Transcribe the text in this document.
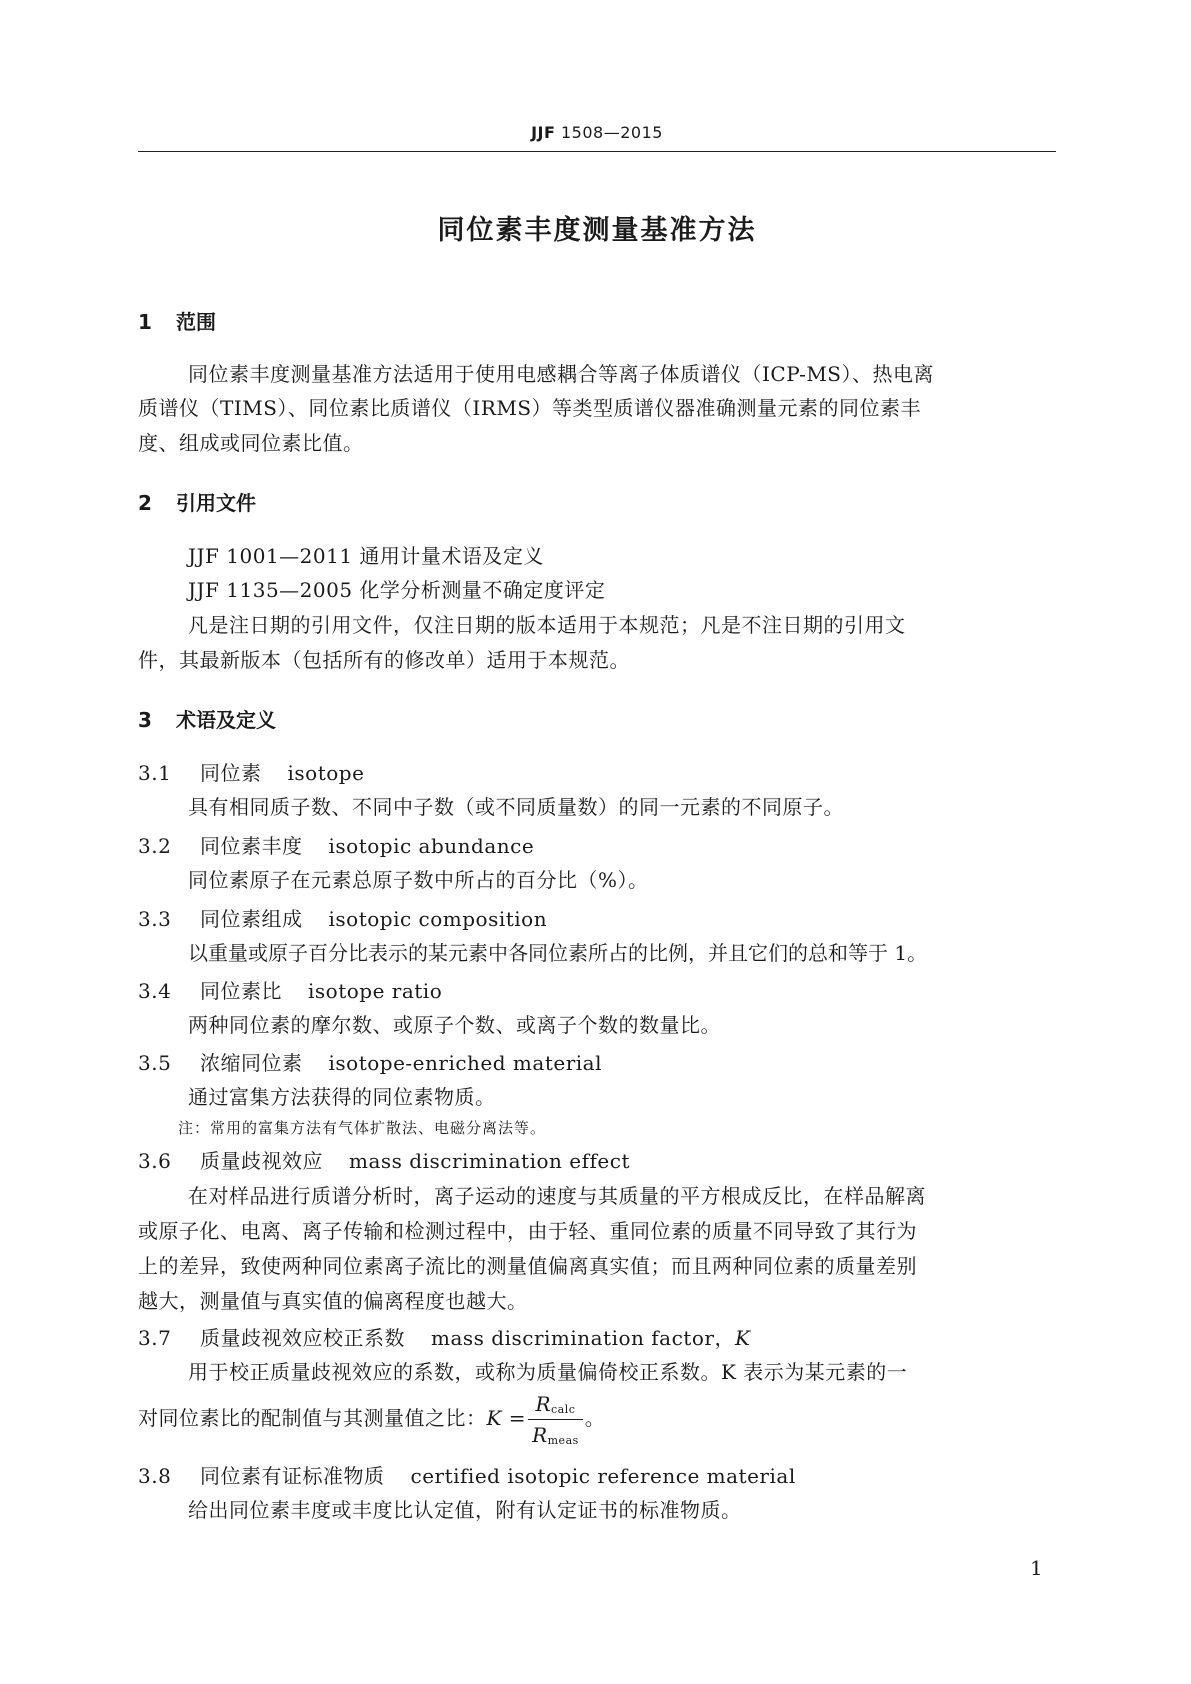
JJF 1508—2015
同位素丰度测量基准方法
1 范围
同位素丰度测量基准方法适用于使用电感耦合等离子体质谱仪（ICP-MS）、热电离
质谱仪（TIMS）、同位素比质谱仪（IRMS）等类型质谱仪器准确测量元素的同位素丰
度、组成或同位素比值。
2 引用文件
JJF 1001—2011 通用计量术语及定义
JJF 1135—2005 化学分析测量不确定度评定
凡是注日期的引用文件，仅注日期的版本适用于本规范；凡是不注日期的引用文
件，其最新版本（包括所有的修改单）适用于本规范。
3 术语及定义
3.1 同位素 isotope
具有相同质子数、不同中子数（或不同质量数）的同一元素的不同原子。
3.2 同位素丰度 isotopic abundance
同位素原子在元素总原子数中所占的百分比（%）。
3.3 同位素组成 isotopic composition
以重量或原子百分比表示的某元素中各同位素所占的比例，并且它们的总和等于 1。
3.4 同位素比 isotope ratio
两种同位素的摩尔数、或原子个数、或离子个数的数量比。
3.5 浓缩同位素 isotope-enriched material
通过富集方法获得的同位素物质。
注：常用的富集方法有气体扩散法、电磁分离法等。
3.6 质量歧视效应 mass discrimination effect
在对样品进行质谱分析时，离子运动的速度与其质量的平方根成反比，在样品解离
或原子化、电离、离子传输和检测过程中，由于轻、重同位素的质量不同导致了其行为
上的差异，致使两种同位素离子流比的测量值偏离真实值；而且两种同位素的质量差别
越大，测量值与真实值的偏离程度也越大。
3.7 质量歧视效应校正系数 mass discrimination factor，K
用于校正质量歧视效应的系数，或称为质量偏倚校正系数。K 表示为某元素的一
对同位素比的配制值与其测量值之比：$K = \frac{R_{calc}}{R_{meas}}$ 。
3.8 同位素有证标准物质 certified isotopic reference material
给出同位素丰度或丰度比认定值，附有认定证书的标准物质。
1
